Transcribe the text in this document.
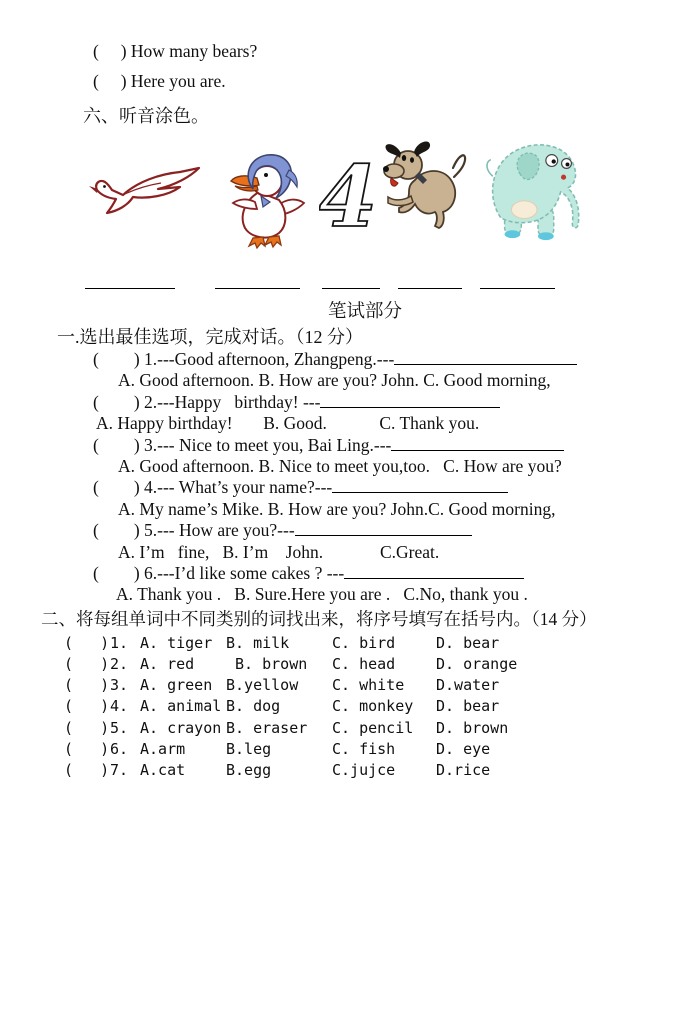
(     ) How many bears?

(     ) Here you are.

六、听音涂色。

4
笔试部分
一.选出最佳选项，完成对话。（12 分）
(        ) 1.---Good afternoon, Zhangpeng.---
A. Good afternoon. B. How are you? John. C. Good morning,
(        ) 2.---Happy   birthday! ---
A. Happy birthday!       B. Good.            C. Thank you.
(        ) 3.--- Nice to meet you, Bai Ling.---
A. Good afternoon. B. Nice to meet you,too.   C. How are you?
(        ) 4.--- What’s your name?---
A. My name’s Mike. B. How are you? John.C. Good morning,
(        ) 5.--- How are you?---
A. I’m   fine,   B. I’m    John.             C.Great.
(        ) 6.---I’d like some cakes ? ---
A. Thank you .   B. Sure.Here you are .   C.No, thank you .
二、将每组单词中不同类别的词找出来，将序号填写在括号内。（14 分）
(   ) 1. A. tiger B. milk	C. bird	D. bear
(   ) 2. A. red	B. brown	C. head	D. orange
(   ) 3. A. green B.yellow	C. white	D.water
(   ) 4. A. animal B. dog	C. monkey	D. bear
(   ) 5. A. crayon B. eraser	C. pencil	D. brown
(   ) 6. A.arm	B.leg	C. fish	D. eye
(   ) 7. A.cat	B.egg	C.jujce	D.rice
